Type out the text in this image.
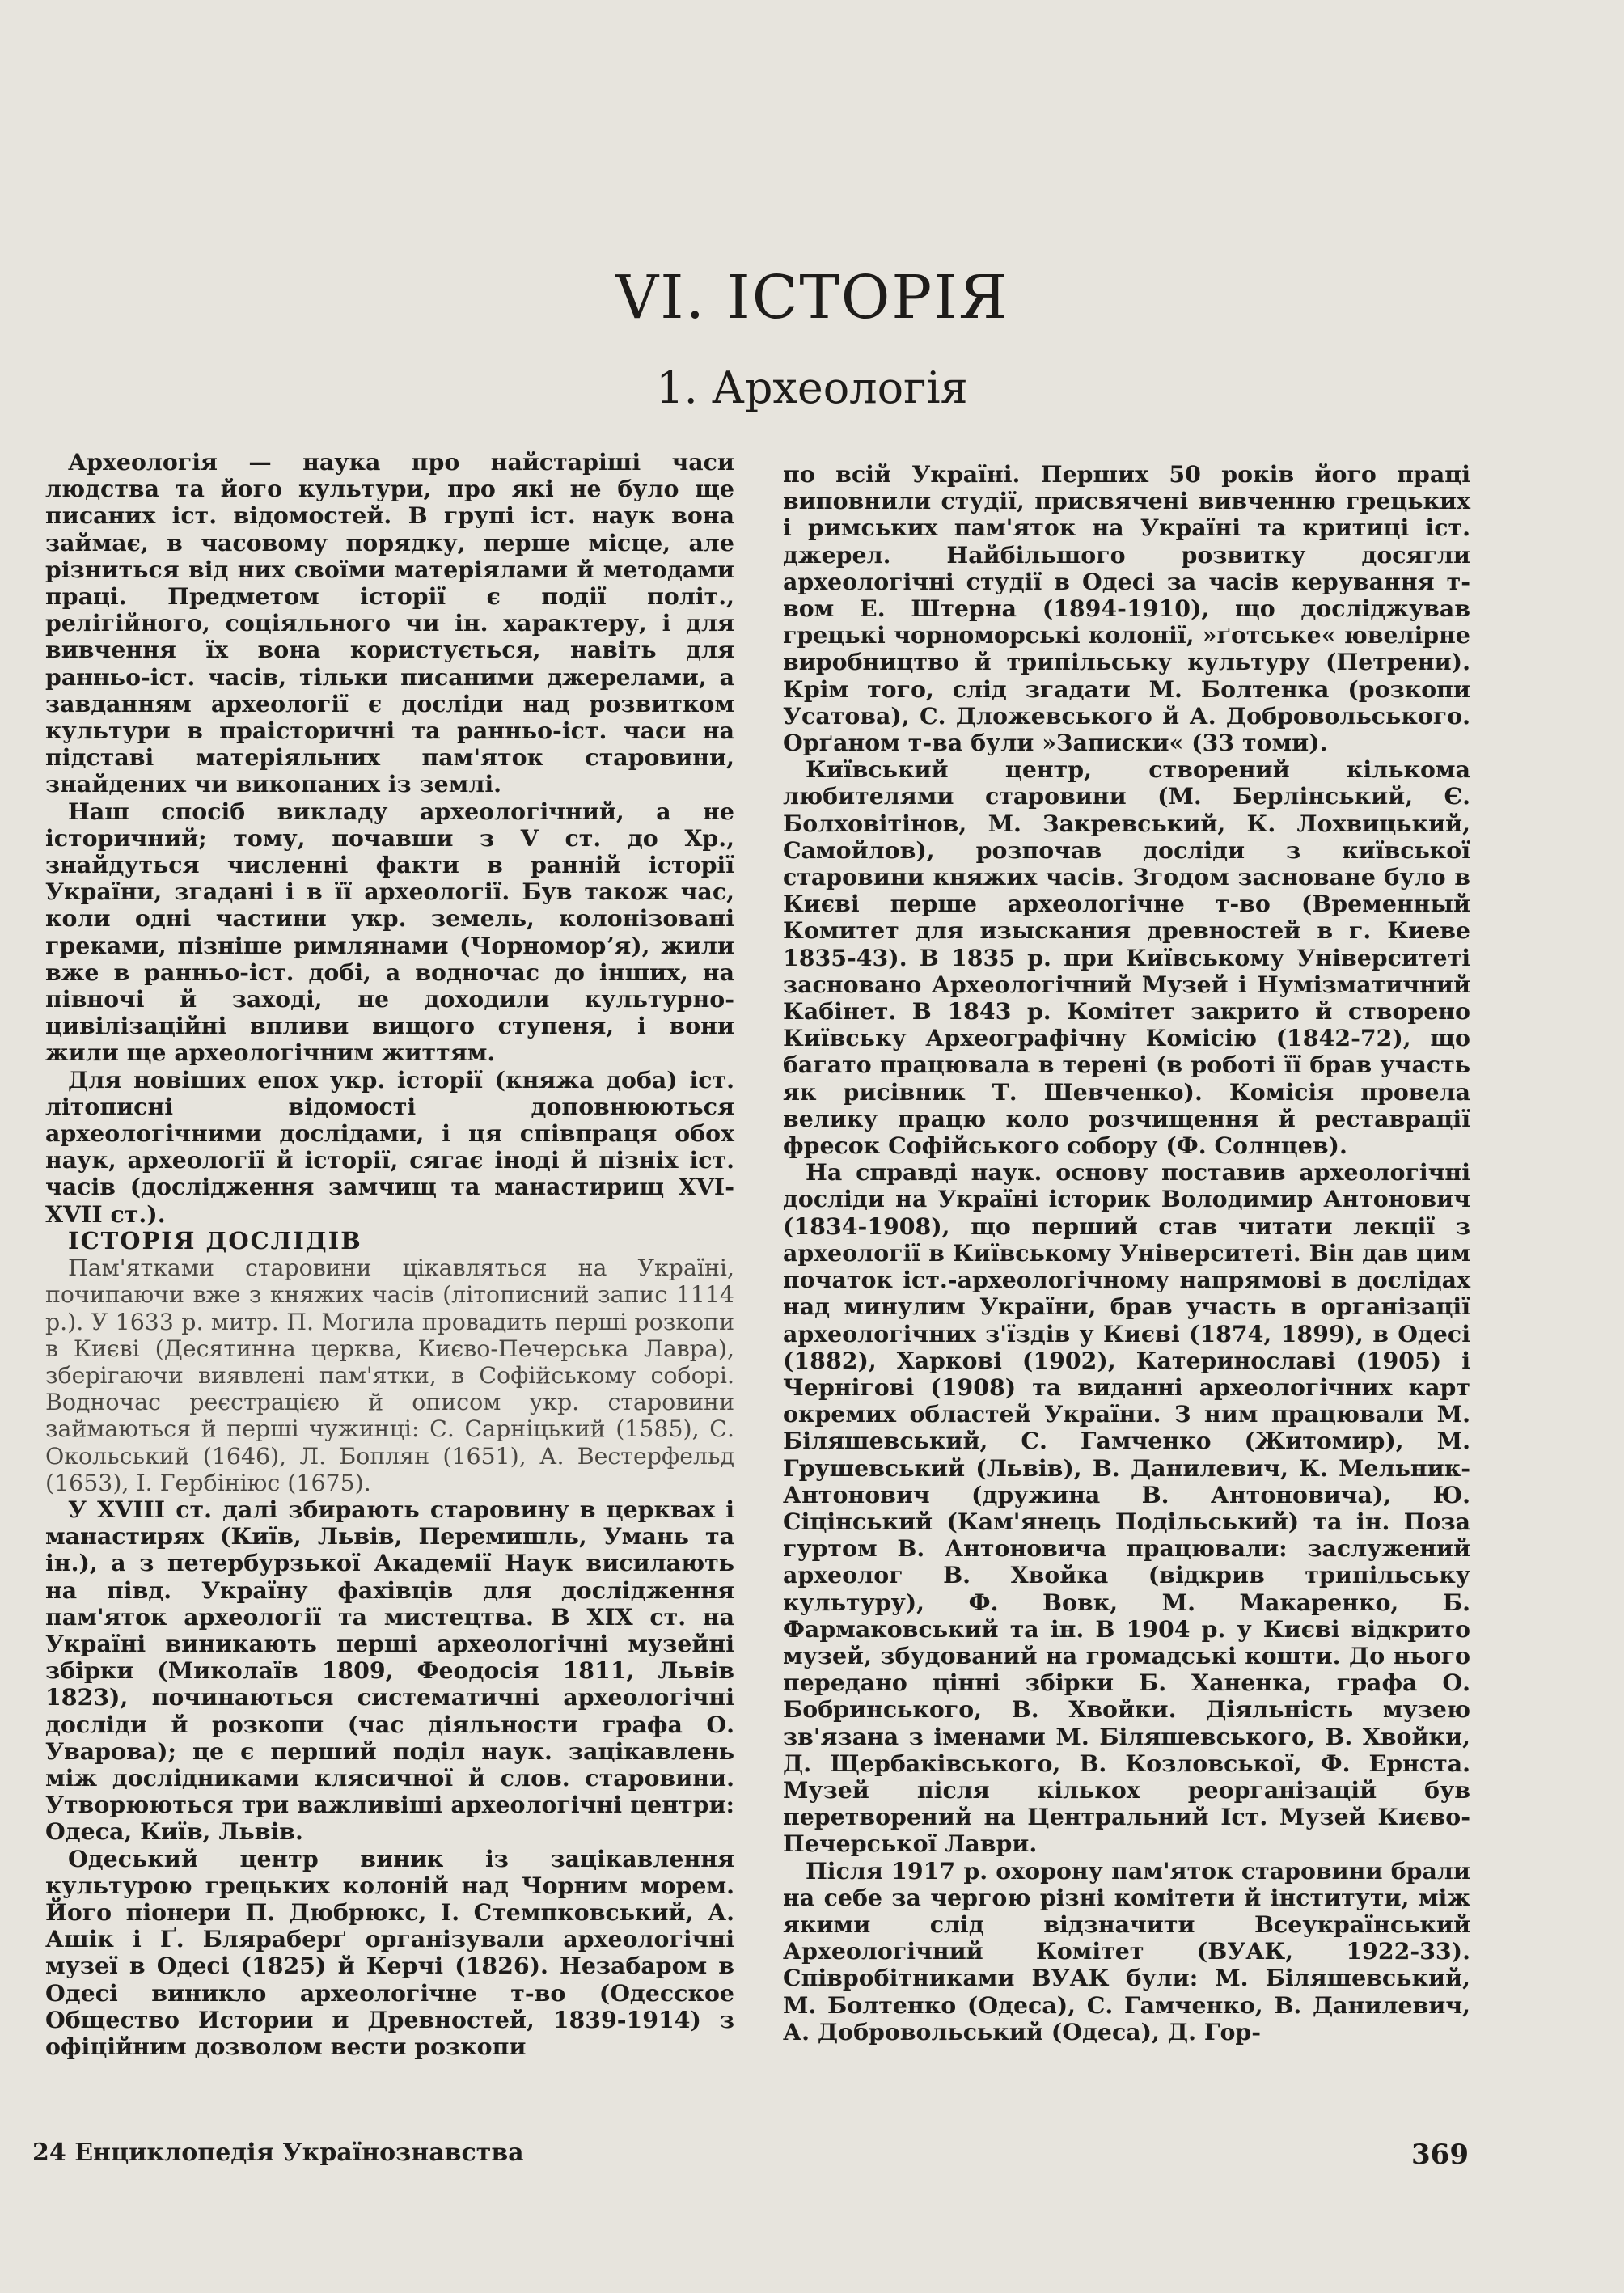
VI. ІСТОРІЯ
1. Археологія

Археологія — наука про найстаріші часи людства та його культури, про які не було ще писаних іст. відомостей. В групі іст. наук вона займає, в часовому порядку, перше місце, але різниться від них своїми матеріялами й методами праці. Предметом історії є події політ., релігійного, соціяльного чи ін. характеру, і для вивчення їх вона користується, навіть для ранньо-іст. часів, тільки писаними джерелами, а завданням археології є досліди над розвитком культури в праісторичні та ранньо-іст. часи на підставі матеріяльних пам'яток старовини, знайдених чи викопаних із землі.

Наш спосіб викладу археологічний, а не історичний; тому, почавши з V ст. до Хр., знайдуться численні факти в ранній історії України, згадані і в її археології. Був також час, коли одні частини укр. земель, колонізовані греками, пізніше римлянами (Чорноморʼя), жили вже в ранньо-іст. добі, а водночас до інших, на півночі й заході, не доходили культурно-цивілізаційні впливи вищого ступеня, і вони жили ще археологічним життям.

Для новіших епох укр. історії (княжа доба) іст. літописні відомості доповнюються археологічними дослідами, і ця співпраця обох наук, археології й історії, сягає іноді й пізніх іст. часів (дослідження замчищ та манастирищ XVI-XVII ст.).

ІСТОРІЯ ДОСЛІДІВ

Пам'ятками старовини цікавляться на Україні, почипаючи вже з княжих часів (літописний запис 1114 р.). У 1633 р. митр. П. Могила провадить перші розкопи в Києві (Десятинна церква, Києво-Печерська Лавра), зберігаючи виявлені пам'ятки, в Софійському соборі. Водночас реєстрацією й описом укр. старовини займаються й перші чужинці: С. Сарніцький (1585), С. Окольський (1646), Л. Боплян (1651), А. Вестерфельд (1653), І. Гербініюс (1675).

У XVIII ст. далі збирають старовину в церквах і манастирях (Київ, Львів, Перемишль, Умань та ін.), а з петербурзької Академії Наук висилають на півд. Україну фахівців для дослідження пам'яток археології та мистецтва. В XIX ст. на Україні виникають перші археологічні музейні збірки (Миколаїв 1809, Феодосія 1811, Львів 1823), починаються систематичні археологічні досліди й розкопи (час діяльности графа О. Уварова); це є перший поділ наук. зацікавлень між дослідниками клясичної й слов. старовини. Утворюються три важливіші археологічні центри: Одеса, Київ, Львів.

Одеський центр виник із зацікавлення культурою грецьких колоній над Чорним морем. Його піонери П. Дюбрюкс, І. Стемпковський, А. Ашік і Ґ. Бляраберґ організували археологічні музеї в Одесі (1825) й Керчі (1826). Незабаром в Одесі виникло археологічне т-во (Одесское Общество Истории и Древностей, 1839-1914) з офіційним дозволом вести розкопи

по всій Україні. Перших 50 років його праці виповнили студії, присвячені вивченню грецьких і римських пам'яток на Україні та критиці іст. джерел. Найбільшого розвитку досягли археологічні студії в Одесі за часів керування т-вом Е. Штерна (1894-1910), що досліджував грецькі чорноморські колонії, »ґотське« ювелірне виробництво й трипільську культуру (Петрени). Крім того, слід згадати М. Болтенка (розкопи Усатова), С. Дложевського й А. Добровольського. Орґаном т-ва були »Записки« (33 томи).

Київський центр, створений кількома любителями старовини (М. Берлінський, Є. Болховітінов, М. Закревський, К. Лохвицький, Самойлов), розпочав досліди з київської старовини княжих часів. Згодом засноване було в Києві перше археологічне т-во (Временный Комитет для изыскания древностей в г. Киеве 1835-43). В 1835 р. при Київському Університеті засновано Археологічний Музей і Нумізматичний Кабінет. В 1843 р. Комітет закрито й створено Київську Археографічну Комісію (1842-72), що багато працювала в терені (в роботі її брав участь як рисівник Т. Шевченко). Комісія провела велику працю коло розчищення й реставрації фресок Софійського собору (Ф. Солнцев).

На справді наук. основу поставив археологічні досліди на Україні історик Володимир Антонович (1834-1908), що перший став читати лекції з археології в Київському Університеті. Він дав цим початок іст.-археологічному напрямові в дослідах над минулим України, брав участь в організації археологічних з'їздів у Києві (1874, 1899), в Одесі (1882), Харкові (1902), Катеринославі (1905) і Чернігові (1908) та виданні археологічних карт окремих областей України. З ним працювали М. Біляшевський, С. Гамченко (Житомир), М. Грушевський (Львів), В. Данилевич, К. Мельник-Антонович (дружина В. Антоновича), Ю. Сіцінський (Кам'янець Подільський) та ін. Поза гуртом В. Антоновича працювали: заслужений археолог В. Хвойка (відкрив трипільську культуру), Ф. Вовк, М. Макаренко, Б. Фармаковський та ін. В 1904 р. у Києві відкрито музей, збудований на громадські кошти. До нього передано цінні збірки Б. Ханенка, графа О. Бобринського, В. Хвойки. Діяльність музею зв'язана з іменами М. Біляшевського, В. Хвойки, Д. Щербаківського, В. Козловської, Ф. Ернста. Музей після кількох реорганізацій був перетворений на Центральний Іст. Музей Києво-Печерської Лаври.

Після 1917 р. охорону пам'яток старовини брали на себе за чергою різні комітети й інститути, між якими слід відзначити Всеукраїнський Археологічний Комітет (ВУАК, 1922-33). Співробітниками ВУАК були: М. Біляшевський, М. Болтенко (Одеса), С. Гамченко, В. Данилевич, А. Добровольський (Одеса), Д. Гор-

24 Енциклопедія Українознавства	369
